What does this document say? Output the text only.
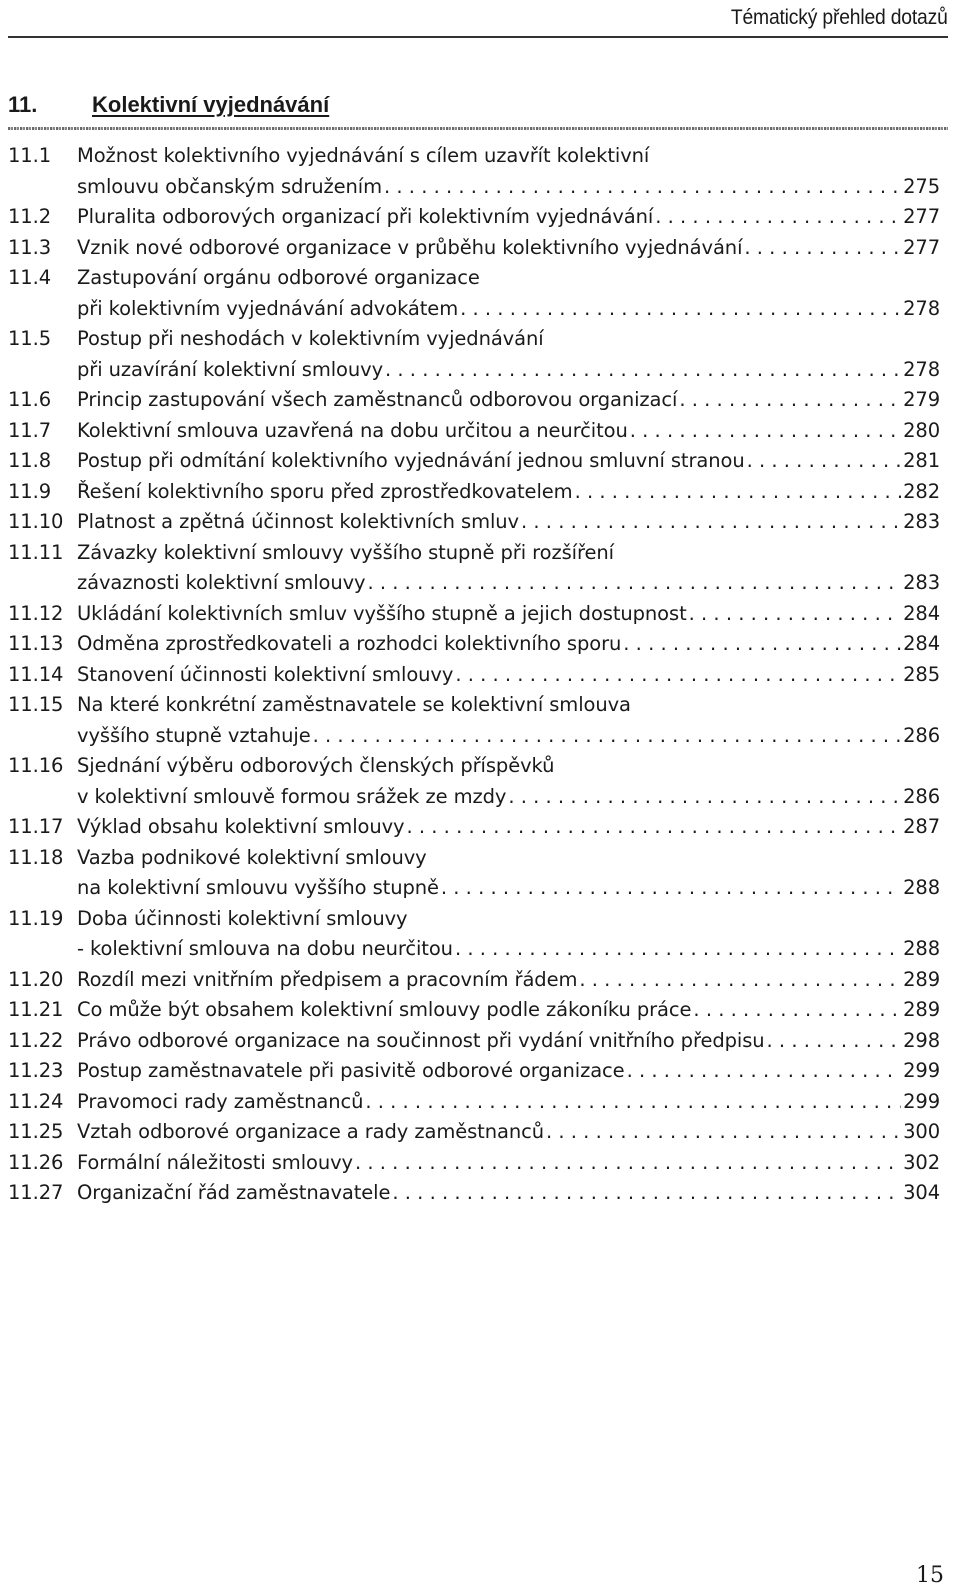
Tématický přehled dotazů
11. Kolektivní vyjednávání
11.1	Možnost kolektivního vyjednávání s cílem uzavřít kolektivní
smlouvu občanským sdružením . . .	275
11.2	Pluralita odborových organizací při kolektivním vyjednávání . . .	277
11.3	Vznik nové odborové organizace v průběhu kolektivního vyjednávání . . .	277
11.4	Zastupování orgánu odborové organizace
při kolektivním vyjednávání advokátem . . .	278
11.5	Postup při neshodách v kolektivním vyjednávání
při uzavírání kolektivní smlouvy . . .	278
11.6	Princip zastupování všech zaměstnanců odborovou organizací . . .	279
11.7	Kolektivní smlouva uzavřená na dobu určitou a neurčitou . . .	280
11.8	Postup při odmítání kolektivního vyjednávání jednou smluvní stranou . . .	281
11.9	Řešení kolektivního sporu před zprostředkovatelem . . .	282
11.10 Platnost a zpětná účinnost kolektivních smluv . . .	283
11.11 Závazky kolektivní smlouvy vyššího stupně při rozšíření
závaznosti kolektivní smlouvy . . .	283
11.12 Ukládání kolektivních smluv vyššího stupně a jejich dostupnost . . .	284
11.13 Odměna zprostředkovateli a rozhodci kolektivního sporu . . .	284
11.14 Stanovení účinnosti kolektivní smlouvy . . .	285
11.15 Na které konkrétní zaměstnavatele se kolektivní smlouva
vyššího stupně vztahuje . . .	286
11.16 Sjednání výběru odborových členských příspěvků
v kolektivní smlouvě formou srážek ze mzdy . . .	286
11.17 Výklad obsahu kolektivní smlouvy . . .	287
11.18 Vazba podnikové kolektivní smlouvy
na kolektivní smlouvu vyššího stupně . . .	288
11.19 Doba účinnosti kolektivní smlouvy
- kolektivní smlouva na dobu neurčitou . . .	288
11.20 Rozdíl mezi vnitřním předpisem a pracovním řádem . . .	289
11.21 Co může být obsahem kolektivní smlouvy podle zákoníku práce . . .	289
11.22 Právo odborové organizace na součinnost při vydání vnitřního předpisu . . .	298
11.23 Postup zaměstnavatele při pasivitě odborové organizace . . .	299
11.24 Pravomoci rady zaměstnanců . . .	299
11.25 Vztah odborové organizace a rady zaměstnanců . . .	300
11.26 Formální náležitosti smlouvy . . .	302
11.27 Organizační řád zaměstnavatele . . .	304
15
